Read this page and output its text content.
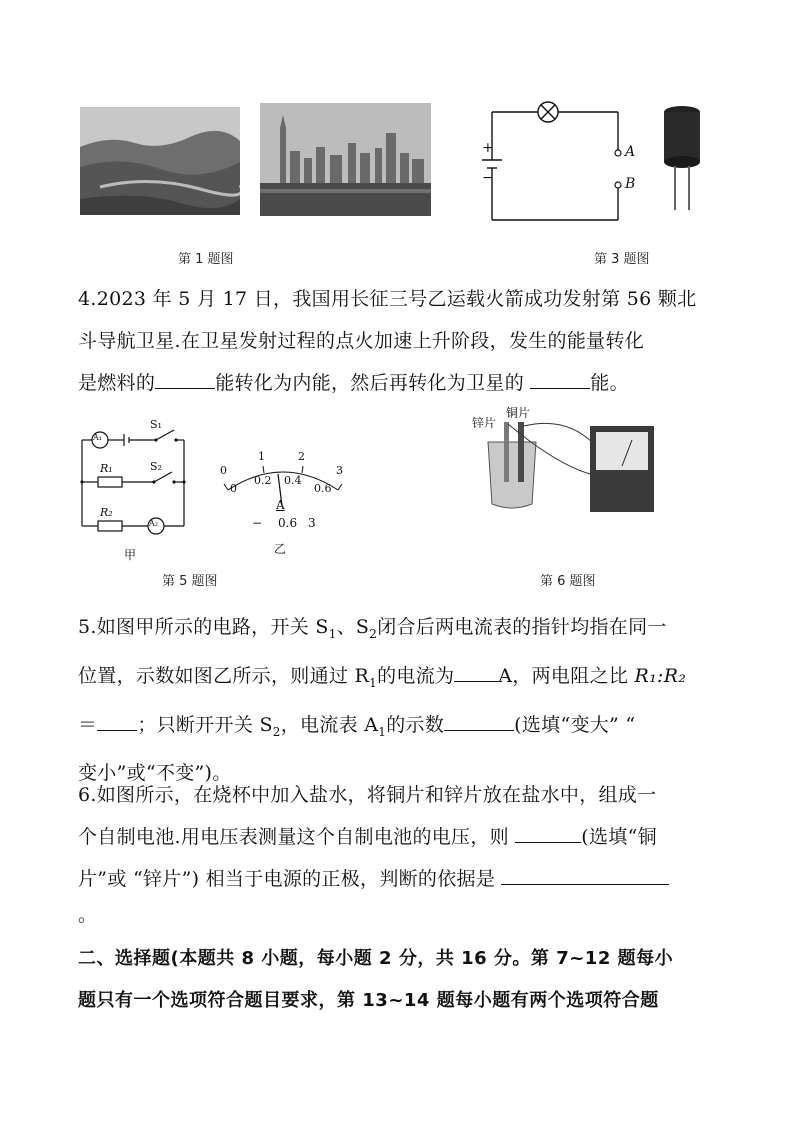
第 1 题图
+
−
A
B
第 3 题图

4.2023 年 5 月 17 日，我国用长征三号乙运载火箭成功发射第 56 颗北

斗导航卫星.在卫星发射过程的点火加速上升阶段，发生的能量转化

是燃料的	能转化为内能，然后再转化为卫星的	能。

A₁
A₂
S₁
S₂
R₁
R₂
甲
0
1	2
3
0
0.2 0.4
0.6
A
− 0.6 3
乙
第 5 题图
锌片
铜片
第 6 题图

5.如图甲所示的电路，开关 $S_1$、$S_2$闭合后两电流表的指针均指在同一

位置，示数如图乙所示，则通过 $R_1$的电流为 A，两电阻之比 R₁:R₂

＝ ；只断开开关 $S_2$，电流表 $A_1$的示数	(选填“变大” “

变小”或“不变”)。

6.如图所示，在烧杯中加入盐水，将铜片和锌片放在盐水中，组成一

个自制电池.用电压表测量这个自制电池的电压，则	(选填“铜

片”或 “锌片”) 相当于电源的正极，判断的依据是

。

二、选择题(本题共 8 小题，每小题 2 分，共 16 分。第 7~12 题每小

题只有一个选项符合题目要求，第 13~14 题每小题有两个选项符合题
